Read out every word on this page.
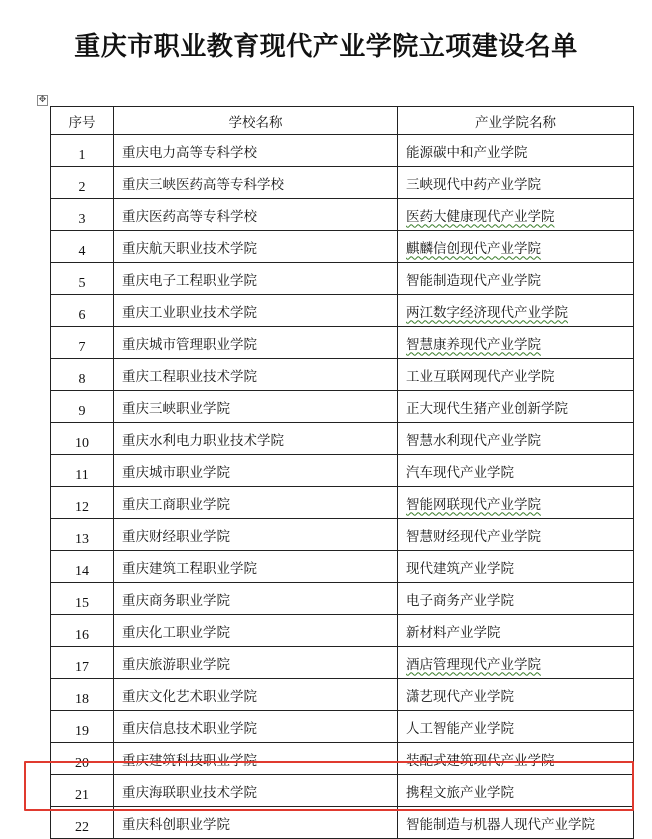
重庆市职业教育现代产业学院立项建设名单
✥
序号	学校名称	产业学院名称
1	重庆电力高等专科学校	能源碳中和产业学院
2	重庆三峡医药高等专科学校	三峡现代中药产业学院
3	重庆医药高等专科学校	医药大健康现代产业学院
4	重庆航天职业技术学院	麒麟信创现代产业学院
5	重庆电子工程职业学院	智能制造现代产业学院
6	重庆工业职业技术学院	两江数字经济现代产业学院
7	重庆城市管理职业学院	智慧康养现代产业学院
8	重庆工程职业技术学院	工业互联网现代产业学院
9	重庆三峡职业学院	正大现代生猪产业创新学院
10	重庆水利电力职业技术学院	智慧水利现代产业学院
11	重庆城市职业学院	汽车现代产业学院
12	重庆工商职业学院	智能网联现代产业学院
13	重庆财经职业学院	智慧财经现代产业学院
14	重庆建筑工程职业学院	现代建筑产业学院
15	重庆商务职业学院	电子商务产业学院
16	重庆化工职业学院	新材料产业学院
17	重庆旅游职业学院	酒店管理现代产业学院
18	重庆文化艺术职业学院	潇艺现代产业学院
19	重庆信息技术职业学院	人工智能产业学院
20	重庆建筑科技职业学院	装配式建筑现代产业学院
21	重庆海联职业技术学院	携程文旅产业学院
22	重庆科创职业学院	智能制造与机器人现代产业学院
